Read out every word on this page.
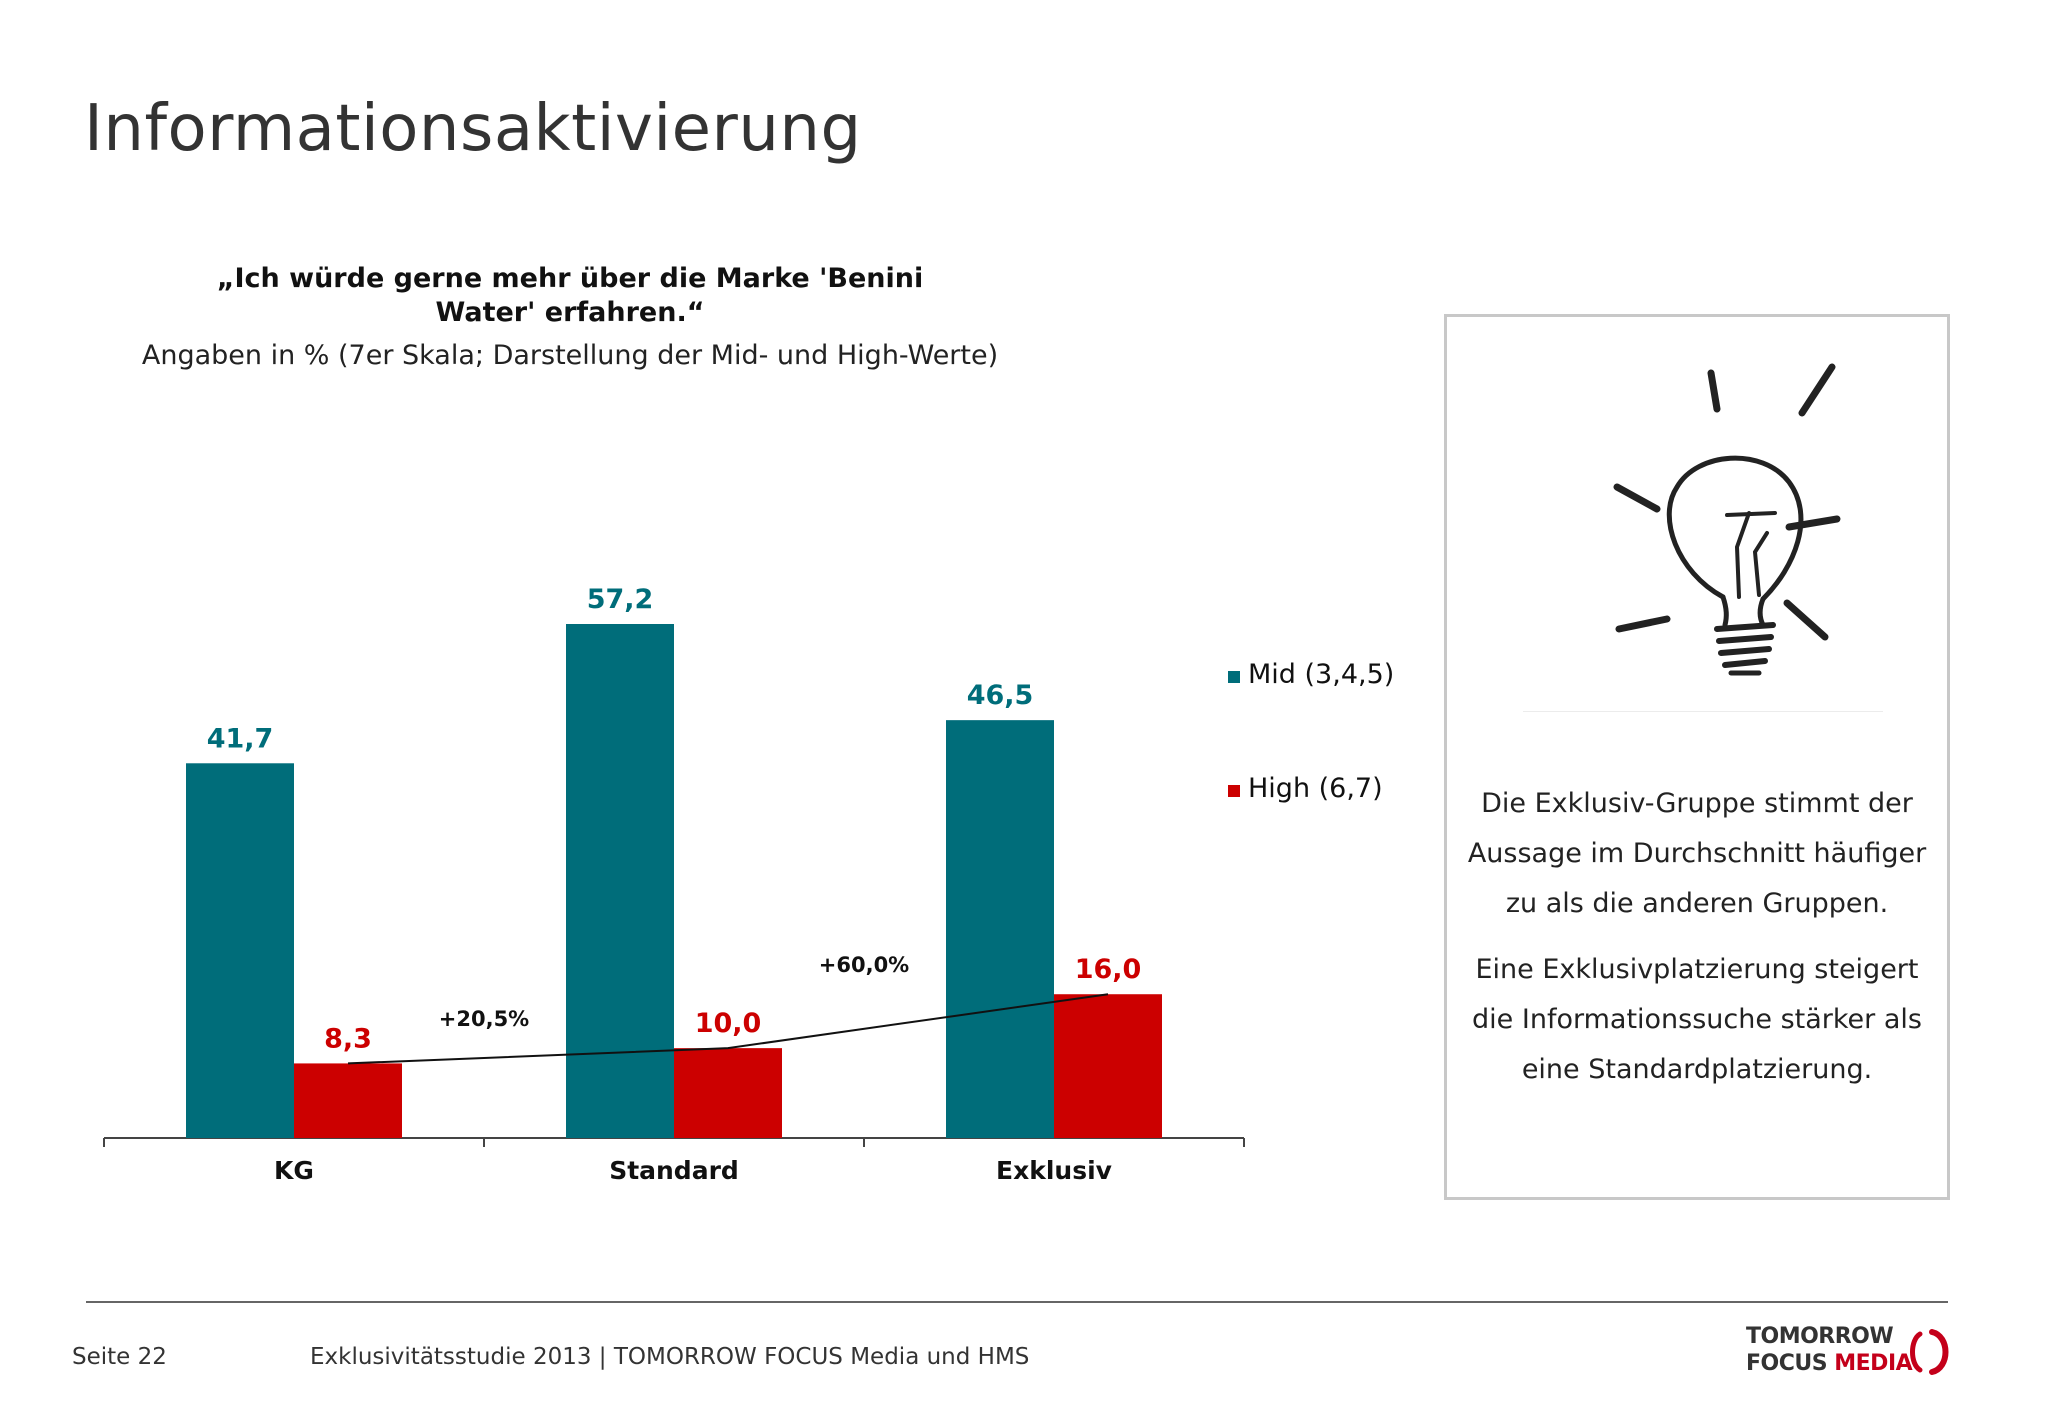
Informationsaktivierung
„Ich würde gerne mehr über die Marke 'Benini Water' erfahren.“
Angaben in % (7er Skala; Darstellung der Mid- und High-Werte)
41,7
8,3
KG
57,2
10,0
Standard
46,5
16,0
Exklusiv
+20,5%
+60,0%
Mid (3,4,5)
High (6,7)	Die Exklusiv-Gruppe stimmt der Aussage im Durchschnitt häufiger zu als die anderen Gruppen.

Eine Exklusivplatzierung steigert die Informationssuche stärker als eine Standardplatzierung.

Seite 22	Exklusivitätsstudie 2013 | TOMORROW FOCUS Media und HMS
TOMORROW
FOCUS MEDIA
